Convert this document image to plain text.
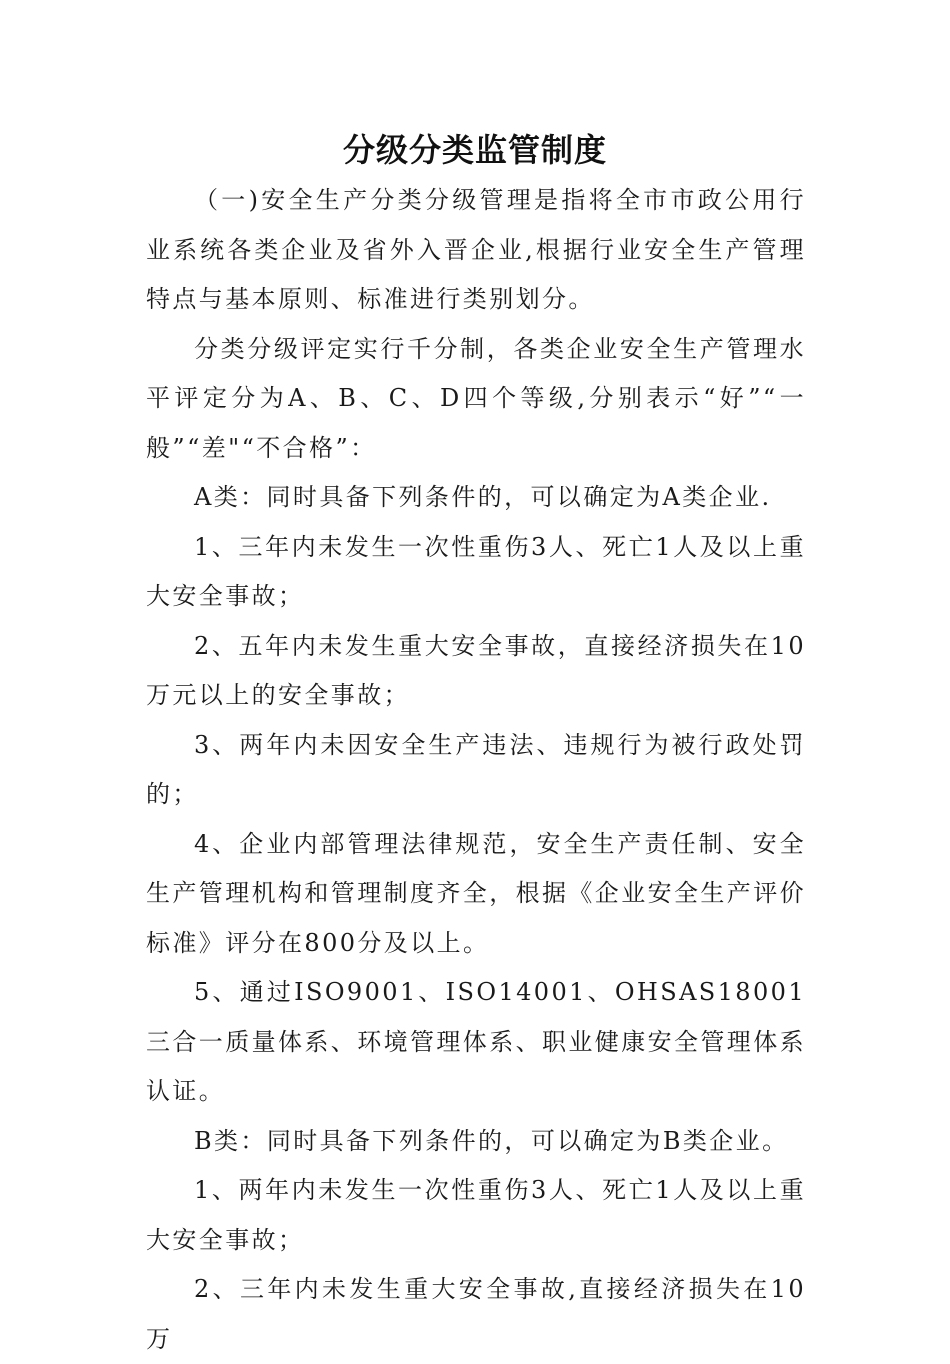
分级分类监管制度

（一)安全生产分类分级管理是指将全市市政公用行业系统各类企业及省外入晋企业,根据行业安全生产管理特点与基本原则、标准进行类别划分。

分类分级评定实行千分制，各类企业安全生产管理水平评定分为A、B、C、D四个等级,分别表示“好”“一般”“差"“不合格”：

A类：同时具备下列条件的，可以确定为A类企业.

1、三年内未发生一次性重伤3人、死亡1人及以上重大安全事故；

2、五年内未发生重大安全事故，直接经济损失在10万元以上的安全事故；

3、两年内未因安全生产违法、违规行为被行政处罚的；

4、企业内部管理法律规范，安全生产责任制、安全生产管理机构和管理制度齐全，根据《企业安全生产评价标准》评分在800分及以上。

5、通过ISO9001、ISO14001、OHSAS18001三合一质量体系、环境管理体系、职业健康安全管理体系认证。

B类：同时具备下列条件的，可以确定为B类企业。

1、两年内未发生一次性重伤3人、死亡1人及以上重大安全事故；

2、三年内未发生重大安全事故,直接经济损失在10万
